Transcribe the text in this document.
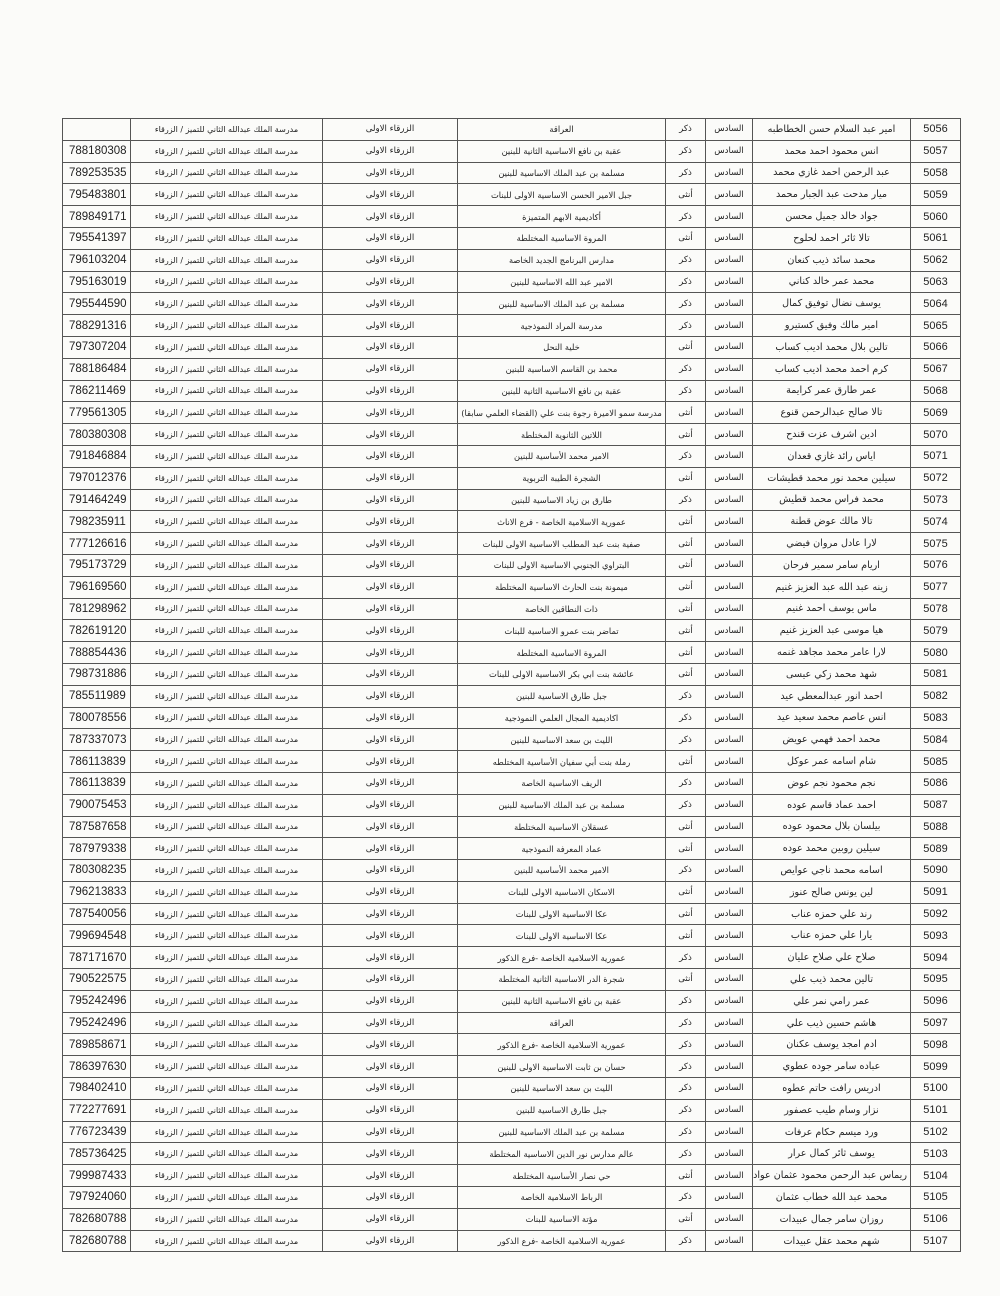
5056	امير عبد السلام حسن الخطاطبه	السادس	ذكر	العراقة	الزرقاء الاولى	مدرسة الملك عبدالله الثاني للتميز / الزرقاء	
5057	انس محمود احمد محمد	السادس	ذكر	عقبة بن نافع الاساسية الثانية للبنين	الزرقاء الاولى	مدرسة الملك عبدالله الثاني للتميز / الزرقاء	788180308
5058	عبد الرحمن احمد غازي محمد	السادس	ذكر	مسلمة بن عبد الملك الاساسية للبنين	الزرقاء الاولى	مدرسة الملك عبدالله الثاني للتميز / الزرقاء	789253535
5059	ميار مدحت عبد الجبار محمد	السادس	أنثى	جبل الامير الحسن الاساسية الاولى للبنات	الزرقاء الاولى	مدرسة الملك عبدالله الثاني للتميز / الزرقاء	795483801
5060	جواد خالد جميل محسن	السادس	ذكر	أكاديمية الابهم المتميزة	الزرقاء الاولى	مدرسة الملك عبدالله الثاني للتميز / الزرقاء	789849171
5061	تالا ثائر احمد لحلوح	السادس	أنثى	المروة الاساسية المختلطة	الزرقاء الاولى	مدرسة الملك عبدالله الثاني للتميز / الزرقاء	795541397
5062	محمد سائد ذيب كنعان	السادس	ذكر	مدارس البرنامج الجديد الخاصة	الزرقاء الاولى	مدرسة الملك عبدالله الثاني للتميز / الزرقاء	796103204
5063	محمد عمر خالد كناني	السادس	ذكر	الامير عبد الله الاساسية للبنين	الزرقاء الاولى	مدرسة الملك عبدالله الثاني للتميز / الزرقاء	795163019
5064	يوسف نضال توفيق كمال	السادس	ذكر	مسلمة بن عبد الملك الاساسية للبنين	الزرقاء الاولى	مدرسة الملك عبدالله الثاني للتميز / الزرقاء	795544590
5065	امير مالك وفيق كستيرو	السادس	ذكر	مدرسة المراد النموذجية	الزرقاء الاولى	مدرسة الملك عبدالله الثاني للتميز / الزرقاء	788291316
5066	تالين بلال محمد اديب كساب	السادس	أنثى	خلية النحل	الزرقاء الاولى	مدرسة الملك عبدالله الثاني للتميز / الزرقاء	797307204
5067	كرم احمد محمد اديب كساب	السادس	ذكر	محمد بن القاسم الاساسية للبنين	الزرقاء الاولى	مدرسة الملك عبدالله الثاني للتميز / الزرقاء	788186484
5068	عمر طارق عمر كرايمة	السادس	ذكر	عقبة بن نافع الاساسية الثانية للبنين	الزرقاء الاولى	مدرسة الملك عبدالله الثاني للتميز / الزرقاء	786211469
5069	تالا صالح عبدالرحمن قنوع	السادس	أنثى	مدرسة سمو الاميرة رجوة بنت علي (القضاء العلمي سابقا)	الزرقاء الاولى	مدرسة الملك عبدالله الثاني للتميز / الزرقاء	779561305
5070	ادين اشرف عزت قندح	السادس	أنثى	اللاتين الثانوية المختلطة	الزرقاء الاولى	مدرسة الملك عبدالله الثاني للتميز / الزرقاء	780380308
5071	اياس رائد غازي قعدان	السادس	ذكر	الامير محمد الأساسية للبنين	الزرقاء الاولى	مدرسة الملك عبدالله الثاني للتميز / الزرقاء	791846884
5072	سيلين محمد نور محمد قطيشات	السادس	أنثى	الشجرة الطيبة التربوية	الزرقاء الاولى	مدرسة الملك عبدالله الثاني للتميز / الزرقاء	797012376
5073	محمد فراس محمد قطيش	السادس	ذكر	طارق بن زياد الاساسية للبنين	الزرقاء الاولى	مدرسة الملك عبدالله الثاني للتميز / الزرقاء	791464249
5074	تالا مالك عوض قطنة	السادس	أنثى	عمورية الاسلامية الخاصة - فرع الاناث	الزرقاء الاولى	مدرسة الملك عبدالله الثاني للتميز / الزرقاء	798235911
5075	لارا عادل مروان فيضي	السادس	أنثى	صفية بنت عبد المطلب الاساسية الاولى للبنات	الزرقاء الاولى	مدرسة الملك عبدالله الثاني للتميز / الزرقاء	777126616
5076	اريام سامر سمير فرحان	السادس	أنثى	البتراوي الجنوبي الاساسية الاولى للبنات	الزرقاء الاولى	مدرسة الملك عبدالله الثاني للتميز / الزرقاء	795173729
5077	زينه عبد الله عبد العزيز غنيم	السادس	أنثى	ميمونة بنت الحارث الاساسية المختلطة	الزرقاء الاولى	مدرسة الملك عبدالله الثاني للتميز / الزرقاء	796169560
5078	ماس يوسف احمد غنيم	السادس	أنثى	ذات النطاقين الخاصة	الزرقاء الاولى	مدرسة الملك عبدالله الثاني للتميز / الزرقاء	781298962
5079	هيا موسى عبد العزيز غنيم	السادس	أنثى	تماضر بنت عمرو الاساسية للبنات	الزرقاء الاولى	مدرسة الملك عبدالله الثاني للتميز / الزرقاء	782619120
5080	لارا عامر محمد مجاهد غنمه	السادس	أنثى	المروة الاساسية المختلطة	الزرقاء الاولى	مدرسة الملك عبدالله الثاني للتميز / الزرقاء	788854436
5081	شهد محمد زكي عيسى	السادس	أنثى	عائشة بنت ابي بكر الاساسية الاولى للبنات	الزرقاء الاولى	مدرسة الملك عبدالله الثاني للتميز / الزرقاء	798731886
5082	احمد انور عبدالمعطي عيد	السادس	ذكر	جبل طارق الاساسية للبنين	الزرقاء الاولى	مدرسة الملك عبدالله الثاني للتميز / الزرقاء	785511989
5083	انس عاصم محمد سعيد عيد	السادس	ذكر	اكاديمية المجال العلمي النموذجية	الزرقاء الاولى	مدرسة الملك عبدالله الثاني للتميز / الزرقاء	780078556
5084	محمد احمد فهمي عويض	السادس	ذكر	الليث بن سعد الاساسية للبنين	الزرقاء الاولى	مدرسة الملك عبدالله الثاني للتميز / الزرقاء	787337073
5085	شام اسامه عمر عوكل	السادس	أنثى	رملة بنت أبي سفيان الأساسية المختلطه	الزرقاء الاولى	مدرسة الملك عبدالله الثاني للتميز / الزرقاء	786113839
5086	نجم محمود نجم عوض	السادس	ذكر	الريف الاساسية الخاصة	الزرقاء الاولى	مدرسة الملك عبدالله الثاني للتميز / الزرقاء	786113839
5087	احمد عماد قاسم عوده	السادس	ذكر	مسلمة بن عبد الملك الاساسية للبنين	الزرقاء الاولى	مدرسة الملك عبدالله الثاني للتميز / الزرقاء	790075453
5088	بيلسان بلال محمود عوده	السادس	أنثى	عسقلان الاساسية المختلطة	الزرقاء الاولى	مدرسة الملك عبدالله الثاني للتميز / الزرقاء	787587658
5089	سيلين روبين محمد عوده	السادس	أنثى	عماد المعرفة النموذجية	الزرقاء الاولى	مدرسة الملك عبدالله الثاني للتميز / الزرقاء	787979338
5090	اسامه محمد ناجي عوايص	السادس	ذكر	الامير محمد الأساسية للبنين	الزرقاء الاولى	مدرسة الملك عبدالله الثاني للتميز / الزرقاء	780308235
5091	لين يونس صالح عنوز	السادس	أنثى	الاسكان الاساسية الاولى للبنات	الزرقاء الاولى	مدرسة الملك عبدالله الثاني للتميز / الزرقاء	796213833
5092	رند علي حمزه عناب	السادس	أنثى	عكا الاساسية الاولى للبنات	الزرقاء الاولى	مدرسة الملك عبدالله الثاني للتميز / الزرقاء	787540056
5093	يارا علي حمزه عناب	السادس	أنثى	عكا الاساسية الاولى للبنات	الزرقاء الاولى	مدرسة الملك عبدالله الثاني للتميز / الزرقاء	799694548
5094	صلاح علي صلاح عليان	السادس	ذكر	عمورية الاسلامية الخاصة -فرع الذكور	الزرقاء الاولى	مدرسة الملك عبدالله الثاني للتميز / الزرقاء	787171670
5095	تالين محمد ذيب علي	السادس	أنثى	شجرة الدر الاساسية الثانية المختلطة	الزرقاء الاولى	مدرسة الملك عبدالله الثاني للتميز / الزرقاء	790522575
5096	عمر رامي نمر علي	السادس	ذكر	عقبة بن نافع الاساسية الثانية للبنين	الزرقاء الاولى	مدرسة الملك عبدالله الثاني للتميز / الزرقاء	795242496
5097	هاشم حسين ذيب علي	السادس	ذكر	العراقة	الزرقاء الاولى	مدرسة الملك عبدالله الثاني للتميز / الزرقاء	795242496
5098	ادم امجد يوسف عكنان	السادس	ذكر	عمورية الاسلامية الخاصة -فرع الذكور	الزرقاء الاولى	مدرسة الملك عبدالله الثاني للتميز / الزرقاء	789858671
5099	عباده سامر جوده عطوي	السادس	ذكر	حسان بن ثابت الاساسية الاولى للبنين	الزرقاء الاولى	مدرسة الملك عبدالله الثاني للتميز / الزرقاء	786397630
5100	ادريس رافت حاتم عطوه	السادس	ذكر	الليث بن سعد الاساسية للبنين	الزرقاء الاولى	مدرسة الملك عبدالله الثاني للتميز / الزرقاء	798402410
5101	نزار وسام طيب عصفور	السادس	ذكر	جبل طارق الاساسية للبنين	الزرقاء الاولى	مدرسة الملك عبدالله الثاني للتميز / الزرقاء	772277691
5102	ورد ميسم حكام عرفات	السادس	ذكر	مسلمة بن عبد الملك الاساسية للبنين	الزرقاء الاولى	مدرسة الملك عبدالله الثاني للتميز / الزرقاء	776723439
5103	يوسف ثائر كمال عرار	السادس	ذكر	عالم مدارس نور الدين الاساسية المختلطة	الزرقاء الاولى	مدرسة الملك عبدالله الثاني للتميز / الزرقاء	785736425
5104	ريماس عبد الرحمن محمود عثمان عواد	السادس	أنثى	حي نصار الأساسية المختلطة	الزرقاء الاولى	مدرسة الملك عبدالله الثاني للتميز / الزرقاء	799987433
5105	محمد عبد الله خطاب عثمان	السادس	ذكر	الرباط الاسلامية الخاصة	الزرقاء الاولى	مدرسة الملك عبدالله الثاني للتميز / الزرقاء	797924060
5106	روزان سامر جمال عبيدات	السادس	أنثى	مؤتة الاساسية للبنات	الزرقاء الاولى	مدرسة الملك عبدالله الثاني للتميز / الزرقاء	782680788
5107	شهم محمد عقل عبيدات	السادس	ذكر	عمورية الاسلامية الخاصة -فرع الذكور	الزرقاء الاولى	مدرسة الملك عبدالله الثاني للتميز / الزرقاء	782680788
